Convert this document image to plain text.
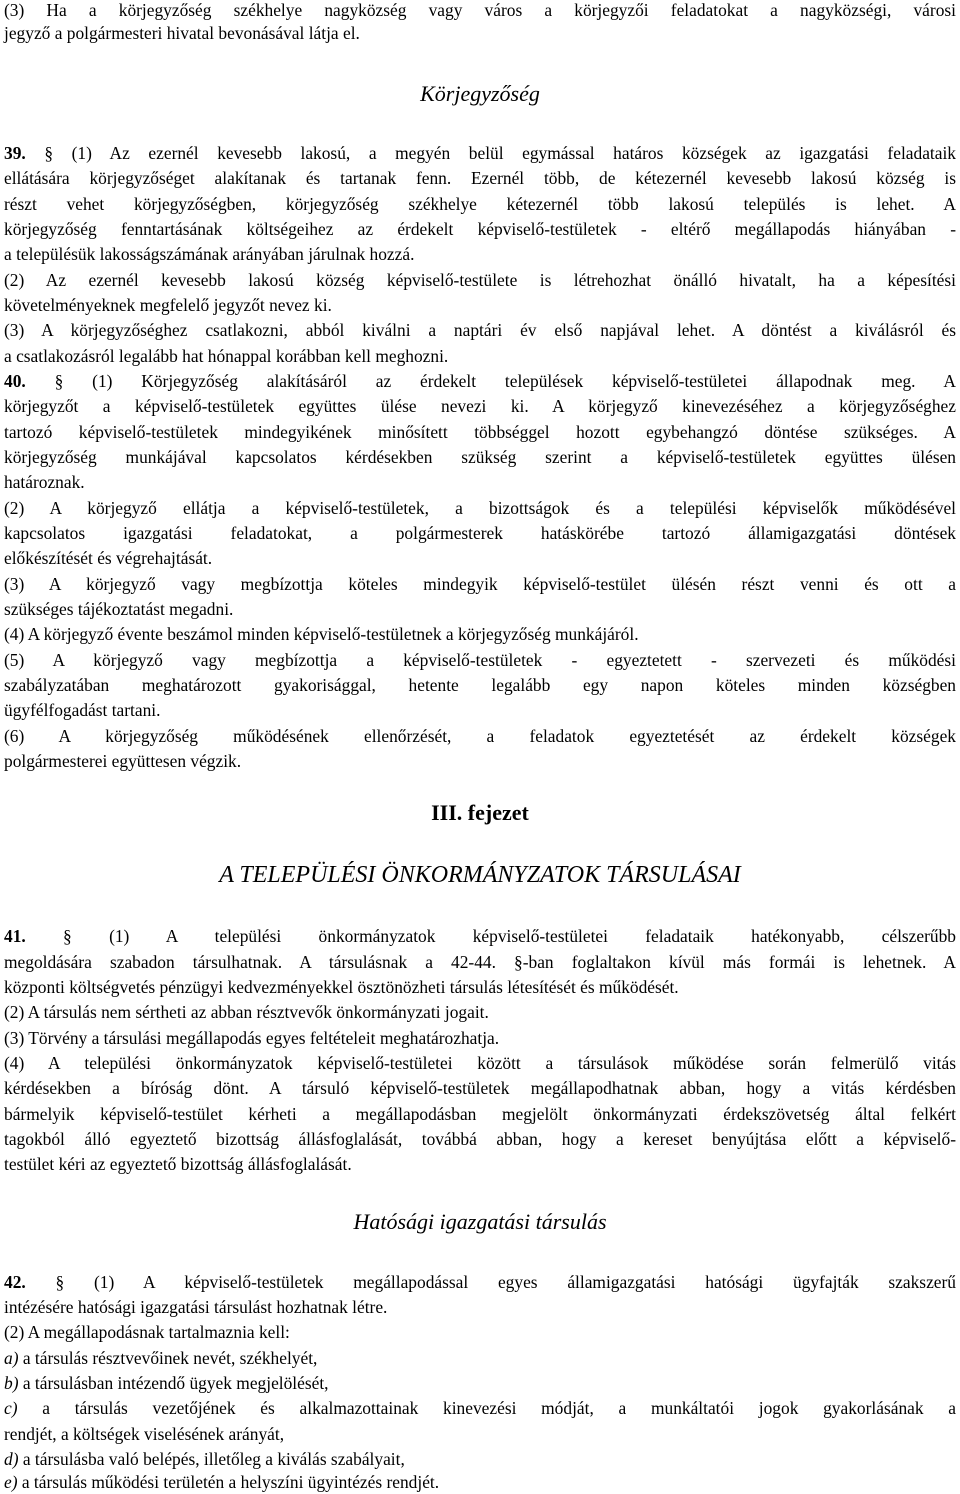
(3) Ha a körjegyzőség székhelye nagyközség vagy város a körjegyzői feladatokat a nagyközségi, városi
jegyző a polgármesteri hivatal bevonásával látja el.
Körjegyzőség
39. § (1) Az ezernél kevesebb lakosú, a megyén belül egymással határos községek az igazgatási feladataik
ellátására körjegyzőséget alakítanak és tartanak fenn. Ezernél több, de kétezernél kevesebb lakosú község is
részt vehet körjegyzőségben, körjegyzőség székhelye kétezernél több lakosú település is lehet. A
körjegyzőség fenntartásának költségeihez az érdekelt képviselő-testületek - eltérő megállapodás hiányában -
a településük lakosságszámának arányában járulnak hozzá.
(2) Az ezernél kevesebb lakosú község képviselő-testülete is létrehozhat önálló hivatalt, ha a képesítési
követelményeknek megfelelő jegyzőt nevez ki.
(3) A körjegyzőséghez csatlakozni, abból kiválni a naptári év első napjával lehet. A döntést a kiválásról és
a csatlakozásról legalább hat hónappal korábban kell meghozni.
40. § (1) Körjegyzőség alakításáról az érdekelt települések képviselő-testületei állapodnak meg. A
körjegyzőt a képviselő-testületek együttes ülése nevezi ki. A körjegyző kinevezéséhez a körjegyzőséghez
tartozó képviselő-testületek mindegyikének minősített többséggel hozott egybehangzó döntése szükséges. A
körjegyzőség munkájával kapcsolatos kérdésekben szükség szerint a képviselő-testületek együttes ülésen
határoznak.
(2) A körjegyző ellátja a képviselő-testületek, a bizottságok és a települési képviselők működésével
kapcsolatos igazgatási feladatokat, a polgármesterek hatáskörébe tartozó államigazgatási döntések
előkészítését és végrehajtását.
(3) A körjegyző vagy megbízottja köteles mindegyik képviselő-testület ülésén részt venni és ott a
szükséges tájékoztatást megadni.
(4) A körjegyző évente beszámol minden képviselő-testületnek a körjegyzőség munkájáról.
(5) A körjegyző vagy megbízottja a képviselő-testületek - egyeztetett - szervezeti és működési
szabályzatában meghatározott gyakorisággal, hetente legalább egy napon köteles minden községben
ügyfélfogadást tartani.
(6) A körjegyzőség működésének ellenőrzését, a feladatok egyeztetését az érdekelt községek
polgármesterei együttesen végzik.
III. fejezet
A TELEPÜLÉSI ÖNKORMÁNYZATOK TÁRSULÁSAI
41. § (1) A települési önkormányzatok képviselő-testületei feladataik hatékonyabb, célszerűbb
megoldására szabadon társulhatnak. A társulásnak a 42-44. §-ban foglaltakon kívül más formái is lehetnek. A
központi költségvetés pénzügyi kedvezményekkel ösztönözheti társulás létesítését és működését.
(2) A társulás nem sértheti az abban résztvevők önkormányzati jogait.
(3) Törvény a társulási megállapodás egyes feltételeit meghatározhatja.
(4) A települési önkormányzatok képviselő-testületei között a társulások működése során felmerülő vitás
kérdésekben a bíróság dönt. A társuló képviselő-testületek megállapodhatnak abban, hogy a vitás kérdésben
bármelyik képviselő-testület kérheti a megállapodásban megjelölt önkormányzati érdekszövetség által felkért
tagokból álló egyeztető bizottság állásfoglalását, továbbá abban, hogy a kereset benyújtása előtt a képviselő-
testület kéri az egyeztető bizottság állásfoglalását.
Hatósági igazgatási társulás
42. § (1) A képviselő-testületek megállapodással egyes államigazgatási hatósági ügyfajták szakszerű
intézésére hatósági igazgatási társulást hozhatnak létre.
(2) A megállapodásnak tartalmaznia kell:
a) a társulás résztvevőinek nevét, székhelyét,
b) a társulásban intézendő ügyek megjelölését,
c) a társulás vezetőjének és alkalmazottainak kinevezési módját, a munkáltatói jogok gyakorlásának a
rendjét, a költségek viselésének arányát,
d) a társulásba való belépés, illetőleg a kiválás szabályait,
e) a társulás működési területén a helyszíni ügyintézés rendjét.
